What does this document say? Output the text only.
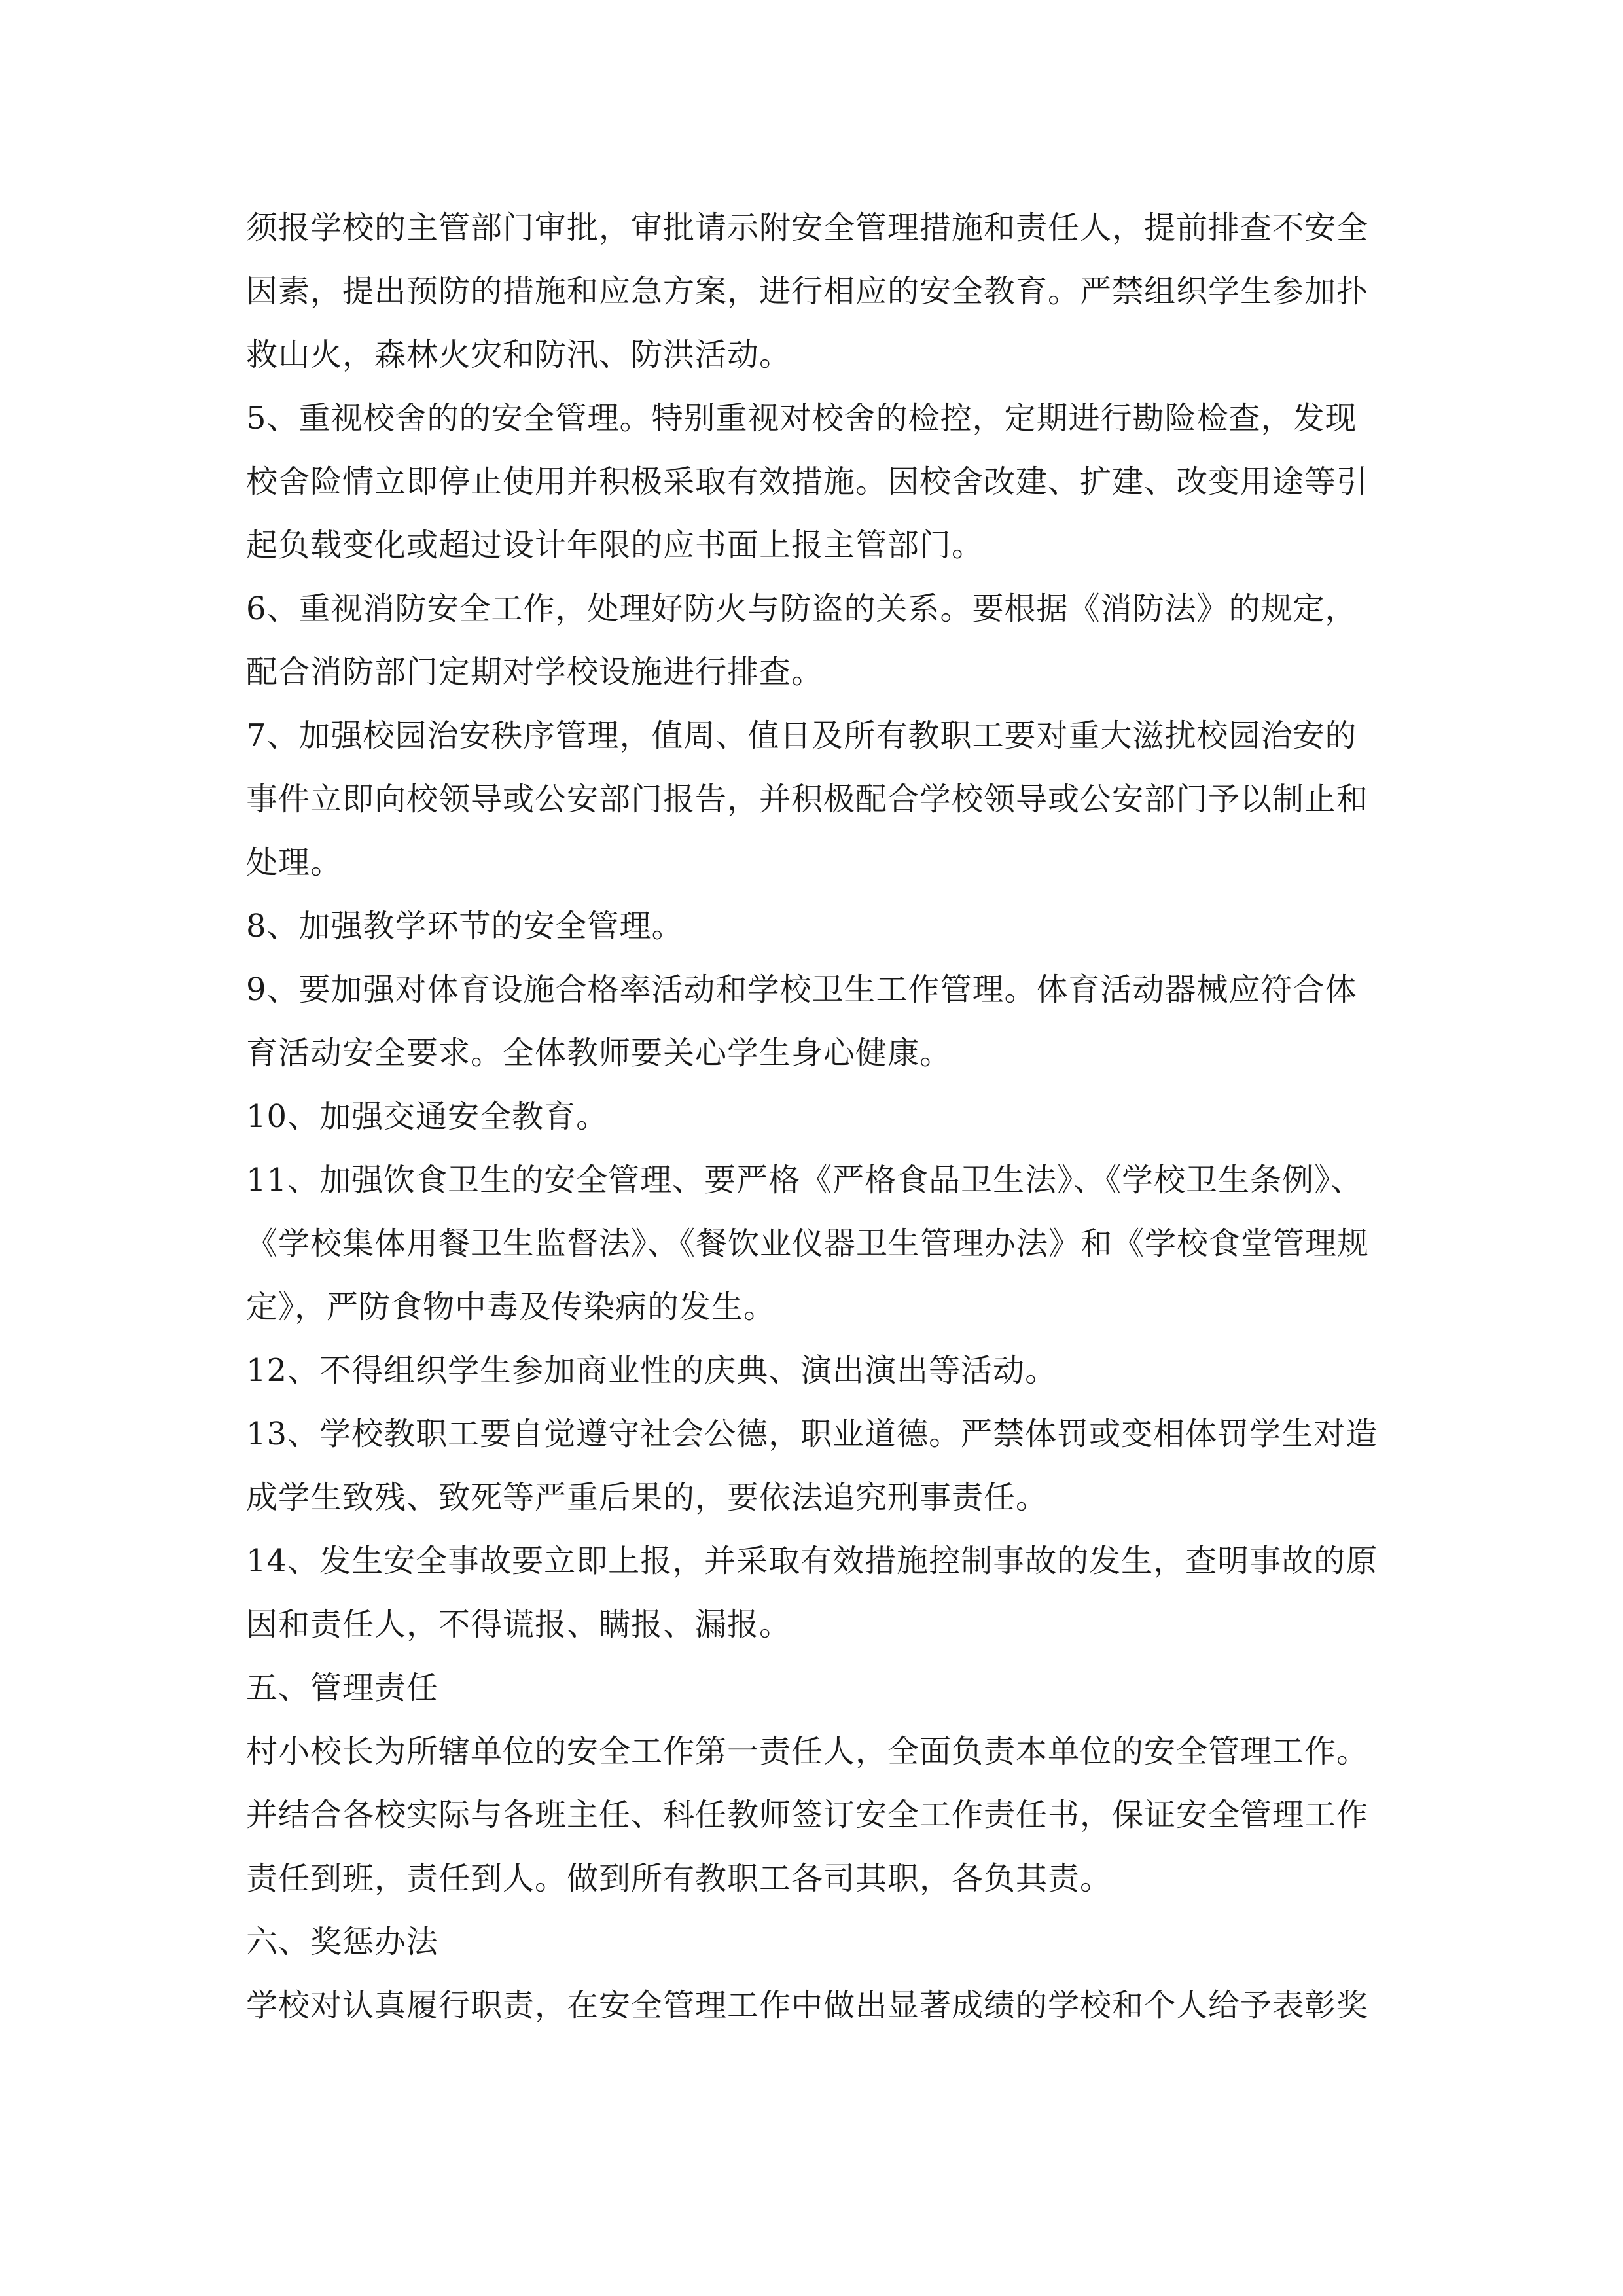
须报学校的主管部门审批，审批请示附安全管理措施和责任人，提前排查不安全
因素，提出预防的措施和应急方案，进行相应的安全教育。严禁组织学生参加扑
救山火，森林火灾和防汛、防洪活动。

5、重视校舍的的安全管理。特别重视对校舍的检控，定期进行勘险检查，发现
校舍险情立即停止使用并积极采取有效措施。因校舍改建、扩建、改变用途等引
起负载变化或超过设计年限的应书面上报主管部门。

6、重视消防安全工作，处理好防火与防盗的关系。要根据《消防法》的规定，
配合消防部门定期对学校设施进行排查。

7、加强校园治安秩序管理，值周、值日及所有教职工要对重大滋扰校园治安的
事件立即向校领导或公安部门报告，并积极配合学校领导或公安部门予以制止和
处理。

8、加强教学环节的安全管理。

9、要加强对体育设施合格率活动和学校卫生工作管理。体育活动器械应符合体
育活动安全要求。全体教师要关心学生身心健康。

10、加强交通安全教育。

11、加强饮食卫生的安全管理、要严格《严格食品卫生法》、《学校卫生条例》、
《学校集体用餐卫生监督法》、《餐饮业仪器卫生管理办法》和《学校食堂管理规
定》，严防食物中毒及传染病的发生。

12、不得组织学生参加商业性的庆典、演出演出等活动。

13、学校教职工要自觉遵守社会公德，职业道德。严禁体罚或变相体罚学生对造
成学生致残、致死等严重后果的，要依法追究刑事责任。

14、发生安全事故要立即上报，并采取有效措施控制事故的发生，查明事故的原
因和责任人，不得谎报、瞒报、漏报。

五、管理责任

村小校长为所辖单位的安全工作第一责任人，全面负责本单位的安全管理工作。
并结合各校实际与各班主任、科任教师签订安全工作责任书，保证安全管理工作
责任到班，责任到人。做到所有教职工各司其职，各负其责。

六、奖惩办法

学校对认真履行职责，在安全管理工作中做出显著成绩的学校和个人给予表彰奖
